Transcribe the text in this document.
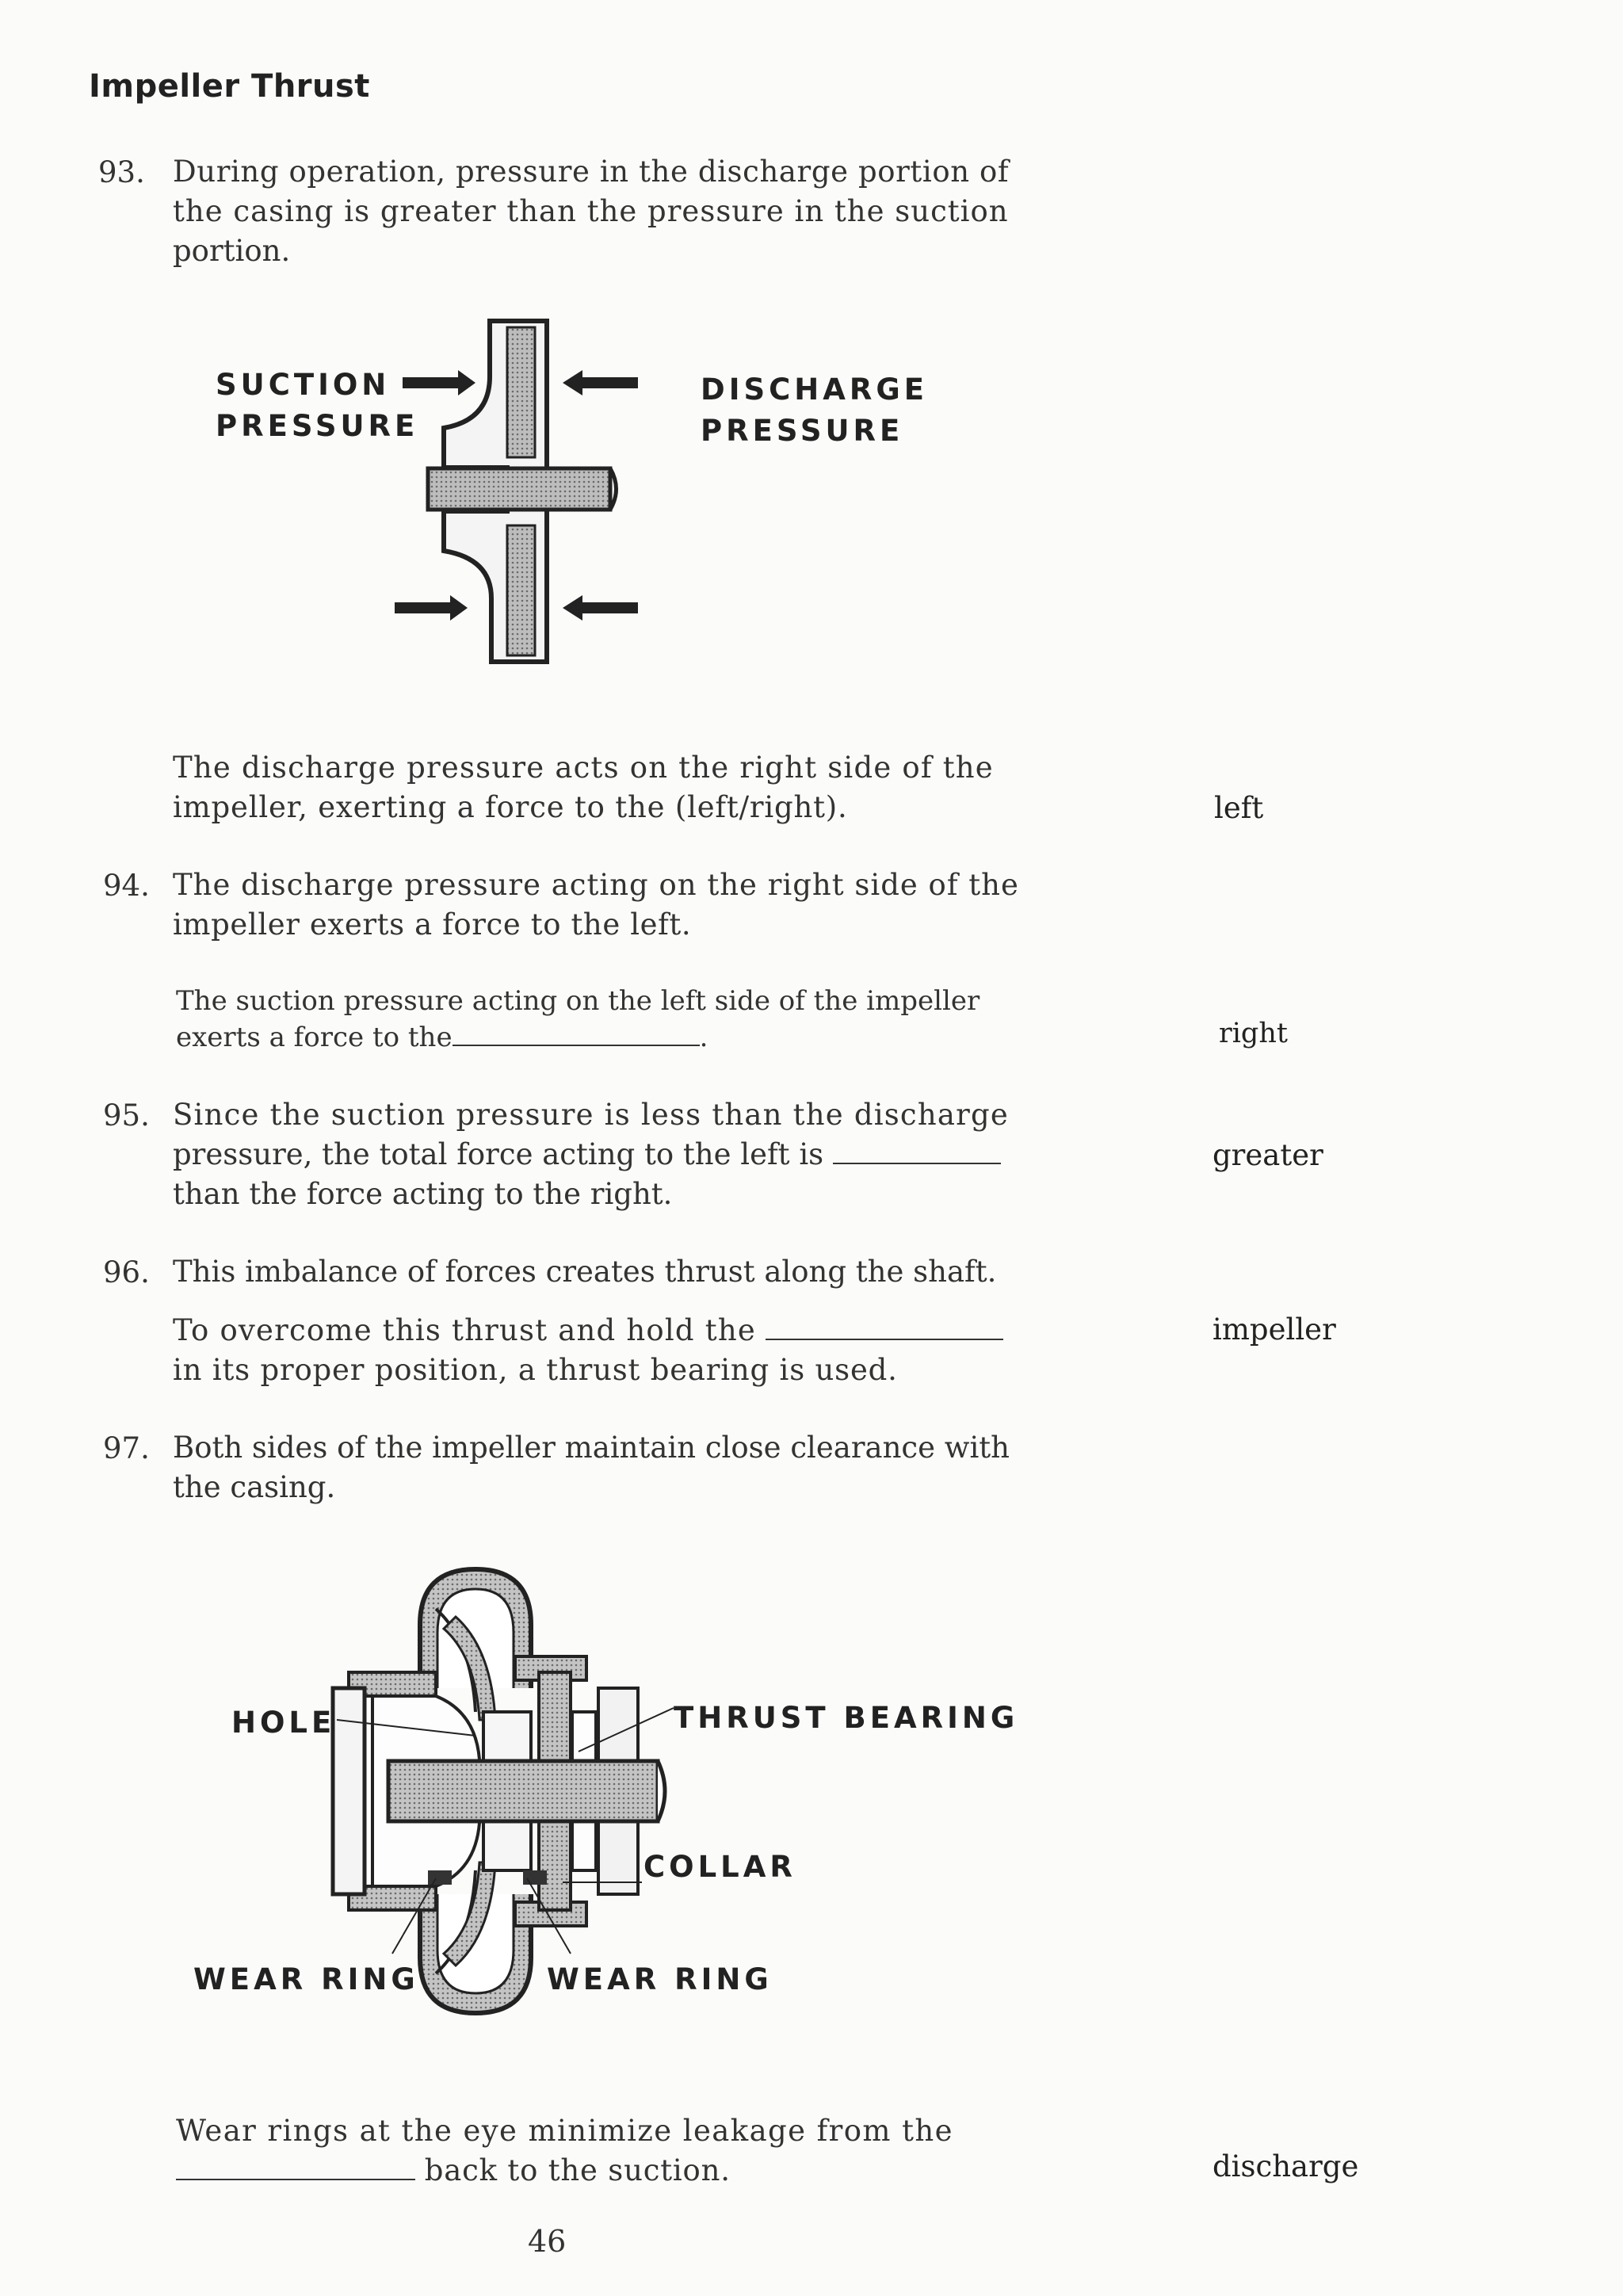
Impeller Thrust
93. During operation, pressure in the discharge portion of
the casing is greater than the pressure in the suction
portion.
SUCTION
PRESSURE
DISCHARGE
PRESSURE
The discharge pressure acts on the right side of the
impeller, exerting a force to the (left/right).	left
94. The discharge pressure acting on the right side of the
impeller exerts a force to the left.
The suction pressure acting on the left side of the impeller
exerts a force to the	.	right
95. Since the suction pressure is less than the discharge
pressure, the total force acting to the left is
than the force acting to the right.
greater
96. This imbalance of forces creates thrust along the shaft.
To overcome this thrust and hold the
in its proper position, a thrust bearing is used.
impeller
97. Both sides of the impeller maintain close clearance with
the casing.
HOLE	THRUST BEARING
COLLAR
WEAR RING	WEAR RING
Wear rings at the eye minimize leakage from the
back to the suction.	discharge
46
